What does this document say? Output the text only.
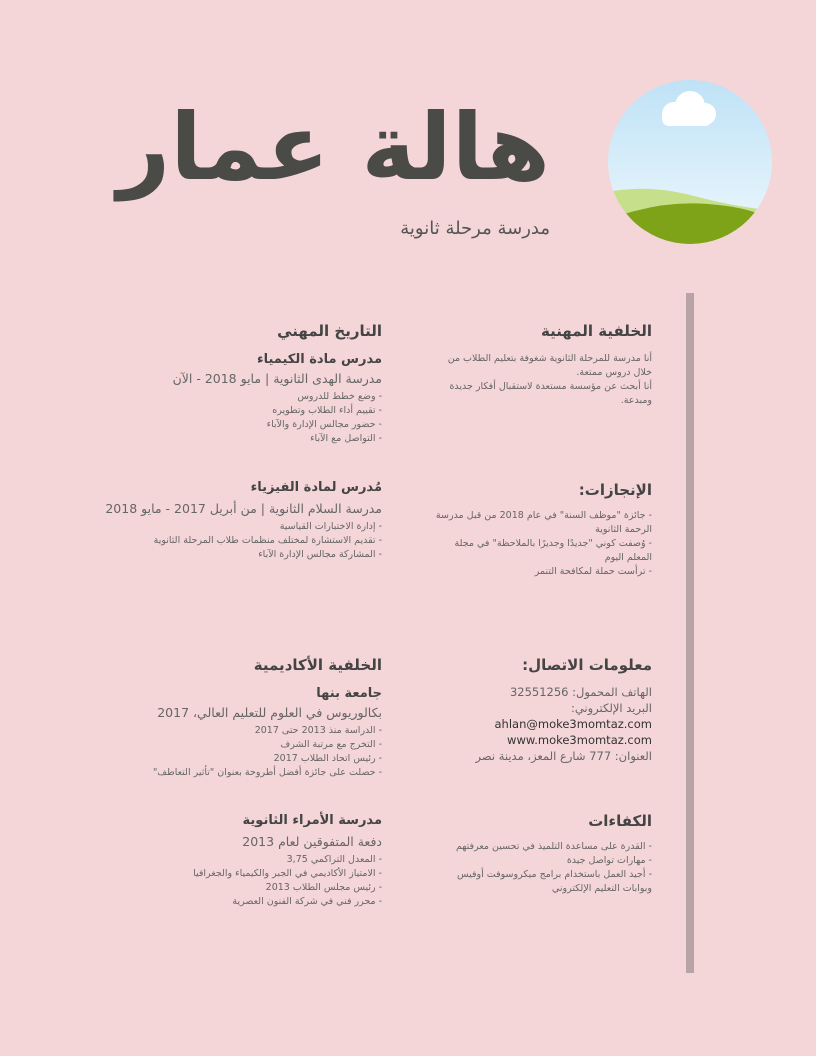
هالة عمار
مدرسة مرحلة ثانوية
الخلفية المهنية
أنا مدرسة للمرحلة الثانوية شغوفة بتعليم الطلاب من خلال دروس ممتعة.
أنا أبحث عن مؤسسة مستعدة لاستقبال أفكار جديدة ومبدعة.
الإنجازات:
- جائزة "موظف السنة" في عام 2018 من قبل مدرسة الرحمة الثانوية
- وُصفت كوني "جديدًا وجديرًا بالملاحظة" في مجلة المعلم اليوم
- ترأست حملة لمكافحة التنمر
معلومات الاتصال:
الهاتف المحمول: 32551256
البريد الإلكتروني:
ahlan@moke3momtaz.com
www.moke3momtaz.com
العنوان: 777 شارع المعز، مدينة نصر
الكفاءات
- القدرة على مساعدة التلميذ في تحسين معرفتهم
- مهارات تواصل جيدة
- أجيد العمل باستخدام برامج ميكروسوفت أوفيس وبوابات التعليم الإلكتروني
التاريخ المهني
مدرس مادة الكيمياء
مدرسة الهدى الثانوية | مايو 2018 - الآن
- وضع خطط للدروس
- تقييم أداء الطلاب وتطويره
- حضور مجالس الإدارة والآباء
- التواصل مع الآباء
مُدرس لمادة الفيزياء
مدرسة السلام الثانوية | من أبريل 2017 - مايو 2018
- إدارة الاختبارات القياسية
- تقديم الاستشارة لمختلف منظمات طلاب المرحلة الثانوية
- المشاركة مجالس الإدارة الآباء
الخلفية الأكاديمية
جامعة بنها
بكالوريوس في العلوم للتعليم العالي، 2017
- الدراسة منذ 2013 حتى 2017
- التخرج مع مرتبة الشرف
- رئيس اتحاد الطلاب 2017
- حصلت على جائزة أفضل أطروحة بعنوان "تأثير التعاطف"
مدرسة الأمراء الثانوية
دفعة المتفوقين لعام 2013
- المعدل التراكمي 3,75
- الامتياز الأكاديمي في الجبر والكيمياء والجغرافيا
- رئيس مجلس الطلاب 2013
- محرر فني في شركة الفنون العصرية
